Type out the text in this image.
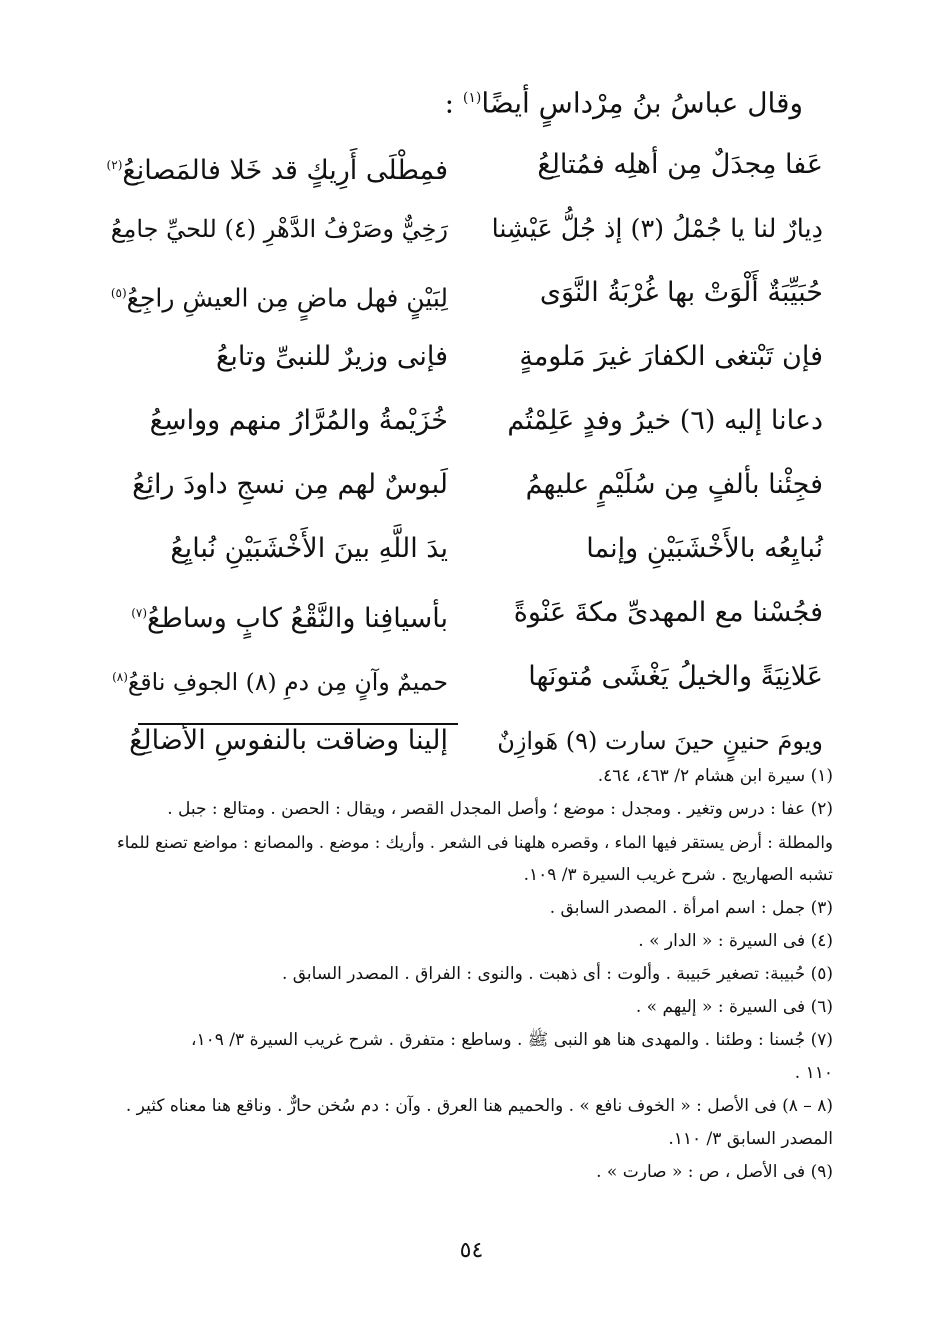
وقال عباسُ بنُ مِرْداسٍ أيضًا$^{(١)}$ :
عَفا مِجدَلٌ مِن أهلِه فمُتالِعُ
فمِطْلَى أَرِيكٍ قد خَلا فالمَصانِعُ$^{(٢)}$
دِيارٌ لنا يا جُمْلُ (٣) إذ جُلُّ عَيْشِنا
رَخِيٌّ وصَرْفُ الدَّهْرِ (٤) للحيِّ جامِعُ
حُبَيِّبَةٌ أَلْوَتْ بها غُرْبَةُ النَّوَى
لِبَيْنٍ فهل ماضٍ مِن العيشِ راجِعُ$^{(٥)}$
فإن تَبْتغى الكفارَ غيرَ مَلومةٍ
فإنى وزيرٌ للنبىِّ وتابعُ
دعانا إليه (٦) خيرُ وفدٍ عَلِمْتُم
خُزَيْمةُ والمُرَّارُ منهم وواسِعُ
فجِئْنا بألفٍ مِن سُلَيْمٍ عليهمُ
لَبوسٌ لهم مِن نسجِ داودَ رائِعُ
نُبايِعُه بالأَخْشَبَيْنِ وإنما
يدَ اللَّهِ بينَ الأَخْشَبَيْنِ نُبايِعُ
فجُسْنا مع المهدىِّ مكةَ عَنْوةً
بأسيافِنا والنَّقْعُ كابٍ وساطعُ$^{(٧)}$
عَلانِيَةً والخيلُ يَغْشَى مُتونَها
حميمٌ وآنٍ مِن دمِ (٨) الجوفِ ناقعُ$^{(٨)}$
ويومَ حنينٍ حينَ سارت (٩) هَوازِنٌ
إلينا وضاقت بالنفوسِ الأضالِعُ
(١) سيرة ابن هشام ٢/ ٤٦٣، ٤٦٤.
(٢) عفا : درس وتغير . ومجدل : موضع ؛ وأصل المجدل القصر ، ويقال : الحصن . ومتالع : جبل .
والمطلة : أرض يستقر فيها الماء ، وقصره هلهنا فى الشعر . وأريك : موضع . والمصانع : مواضع تصنع للماء
تشبه الصهاريج . شرح غريب السيرة ٣/ ١٠٩.
(٣) جمل : اسم امرأة . المصدر السابق .
(٤) فى السيرة : « الدار » .
(٥) حُبيبة: تصغير حَبيبة . وألوت : أى ذهبت . والنوى : الفراق . المصدر السابق .
(٦) فى السيرة : « إليهم » .
(٧) جُسنا : وطئنا . والمهدى هنا هو النبى ﷺ . وساطع : متفرق . شرح غريب السيرة ٣/ ١٠٩،
١١٠ .
(٨ – ٨) فى الأصل : « الخوف نافع » . والحميم هنا العرق . وآن : دم سُخن حارٌّ . وناقع هنا معناه كثير .
المصدر السابق ٣/ ١١٠.
(٩) فى الأصل ، ص : « صارت » .
٥٤
